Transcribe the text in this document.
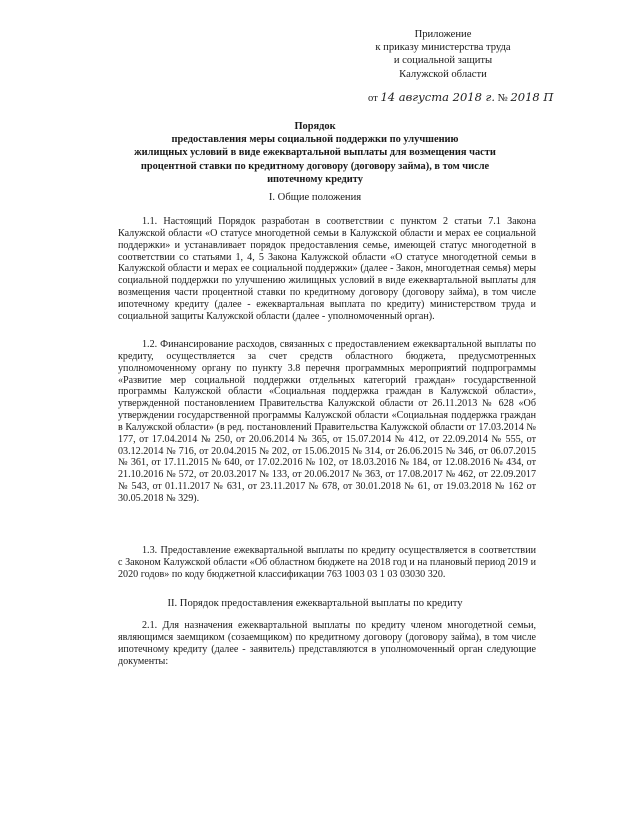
Приложение
к приказу министерства труда
и социальной защиты
Калужской области
от 14 августа 2018 г. № 2018 П
Порядок
предоставления меры социальной поддержки по улучшению
жилищных условий в виде ежеквартальной выплаты для возмещения части
процентной ставки по кредитному договору (договору займа), в том числе
ипотечному кредиту
I. Общие положения

1.1. Настоящий Порядок разработан в соответствии с пунктом 2 статьи 7.1 Закона Калужской области «О статусе многодетной семьи в Калужской области и мерах ее социальной поддержки» и устанавливает порядок предоставления семье, имеющей статус многодетной в соответствии со статьями 1, 4, 5 Закона Калужской области «О статусе многодетной семьи в Калужской области и мерах ее социальной поддержки» (далее - Закон, многодетная семья) меры социальной поддержки по улучшению жилищных условий в виде ежеквартальной выплаты для возмещения части процентной ставки по кредитному договору (договору займа), в том числе ипотечному кредиту (далее - ежеквартальная выплата по кредиту) министерством труда и социальной защиты Калужской области (далее - уполномоченный орган).

1.2. Финансирование расходов, связанных с предоставлением ежеквартальной выплаты по кредиту, осуществляется за счет средств областного бюджета, предусмотренных уполномоченному органу по пункту 3.8 перечня программных мероприятий подпрограммы «Развитие мер социальной поддержки отдельных категорий граждан» государственной программы Калужской области «Социальная поддержка граждан в Калужской области», утвержденной постановлением Правительства Калужской области от 26.11.2013 № 628 «Об утверждении государственной программы Калужской области «Социальная поддержка граждан в Калужской области» (в ред. постановлений Правительства Калужской области от 17.03.2014 № 177, от 17.04.2014 № 250, от 20.06.2014 № 365, от 15.07.2014 № 412, от 22.09.2014 № 555, от 03.12.2014 № 716, от 20.04.2015 № 202, от 15.06.2015 № 314, от 26.06.2015 № 346, от 06.07.2015 № 361, от 17.11.2015 № 640, от 17.02.2016 № 102, от 18.03.2016 № 184, от 12.08.2016 № 434, от 21.10.2016 № 572, от 20.03.2017 № 133, от 20.06.2017 № 363, от 17.08.2017 № 462, от 22.09.2017 № 543, от 01.11.2017 № 631, от 23.11.2017 № 678, от 30.01.2018 № 61, от 19.03.2018 № 162 от 30.05.2018 № 329).

1.3. Предоставление ежеквартальной выплаты по кредиту осуществляется в соответствии с Законом Калужской области «Об областном бюджете на 2018 год и на плановый период 2019 и 2020 годов» по коду бюджетной классификации 763 1003 03 1 03 03030 320.

II. Порядок предоставления ежеквартальной выплаты по кредиту

2.1. Для назначения ежеквартальной выплаты по кредиту членом многодетной семьи, являющимся заемщиком (созаемщиком) по кредитному договору (договору займа), в том числе ипотечному кредиту (далее - заявитель) представляются в уполномоченный орган следующие документы:
